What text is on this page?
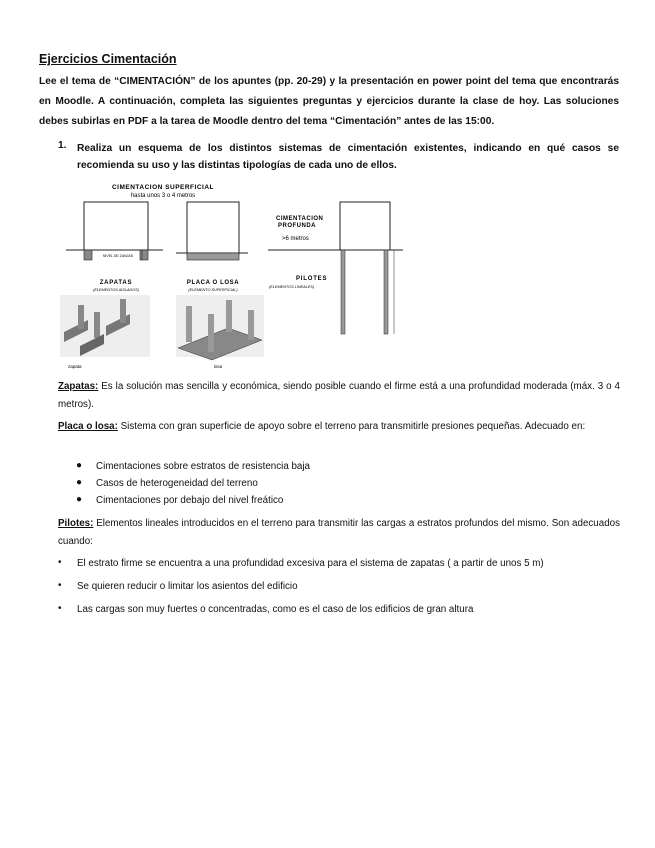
Ejercicios Cimentación
Lee el tema de “CIMENTACIÓN” de los apuntes (pp. 20-29) y la presentación en power point del tema que encontrarás en Moodle. A continuación, completa las siguientes preguntas y ejercicios durante la clase de hoy. Las soluciones debes subirlas en PDF a la tarea de Moodle dentro del tema “Cimentación” antes de las 15:00.
1. Realiza un esquema de los distintos sistemas de cimentación existentes, indicando en qué casos se recomienda su uso y las distintas tipologías de cada uno de ellos.
CIMENTACION SUPERFICIAL
hasta unos 3 o 4 metros
NIVEL DE ZANJAS
ZAPATAS
(ELEMENTOS AISLADOS)
PLACA O LOSA
(ELEMENTO SUPERFICIAL)
CIMENTACION
PROFUNDA
>6 metros
PILOTES
(ELEMENTOS LINEALES)
zapata	losa
Zapatas: Es la solución mas sencilla y económica, siendo posible cuando el firme está a una profundidad moderada (máx. 3 o 4 metros).
Placa o losa: Sistema con gran superficie de apoyo sobre el terreno para transmitirle presiones pequeñas. Adecuado en:
● Cimentaciones sobre estratos de resistencia baja
● Casos de heterogeneidad del terreno
● Cimentaciones por debajo del nivel freático
Pilotes: Elementos lineales introducidos en el terreno para transmitir las cargas a estratos profundos del mismo. Son adecuados cuando:
• El estrato firme se encuentra a una profundidad excesiva para el sistema de zapatas ( a partir de unos 5 m)
• Se quieren reducir o limitar los asientos del edificio
• Las cargas son muy fuertes o concentradas, como es el caso de los edificios de gran altura
